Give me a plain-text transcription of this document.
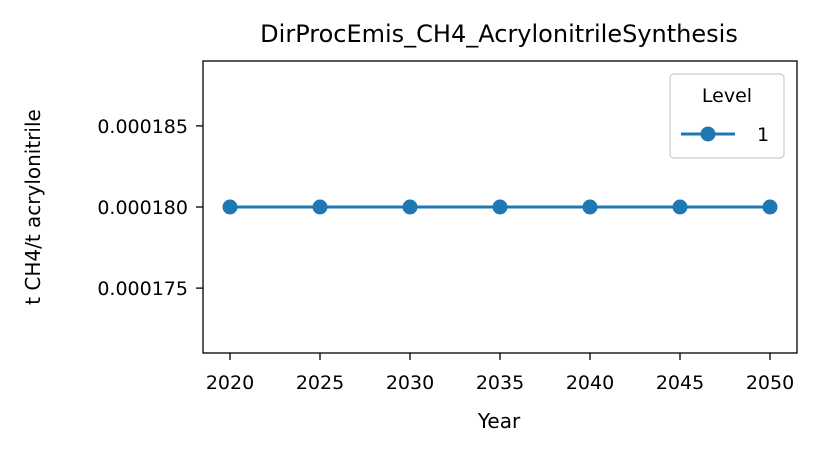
DirProcEmis_CH4_AcrylonitrileSynthesis
2020 2025 2030 2035 2040 2045 2050
0.000175
0.000180
0.000185
Year
t CH4/t acrylonitrile
Level
1
